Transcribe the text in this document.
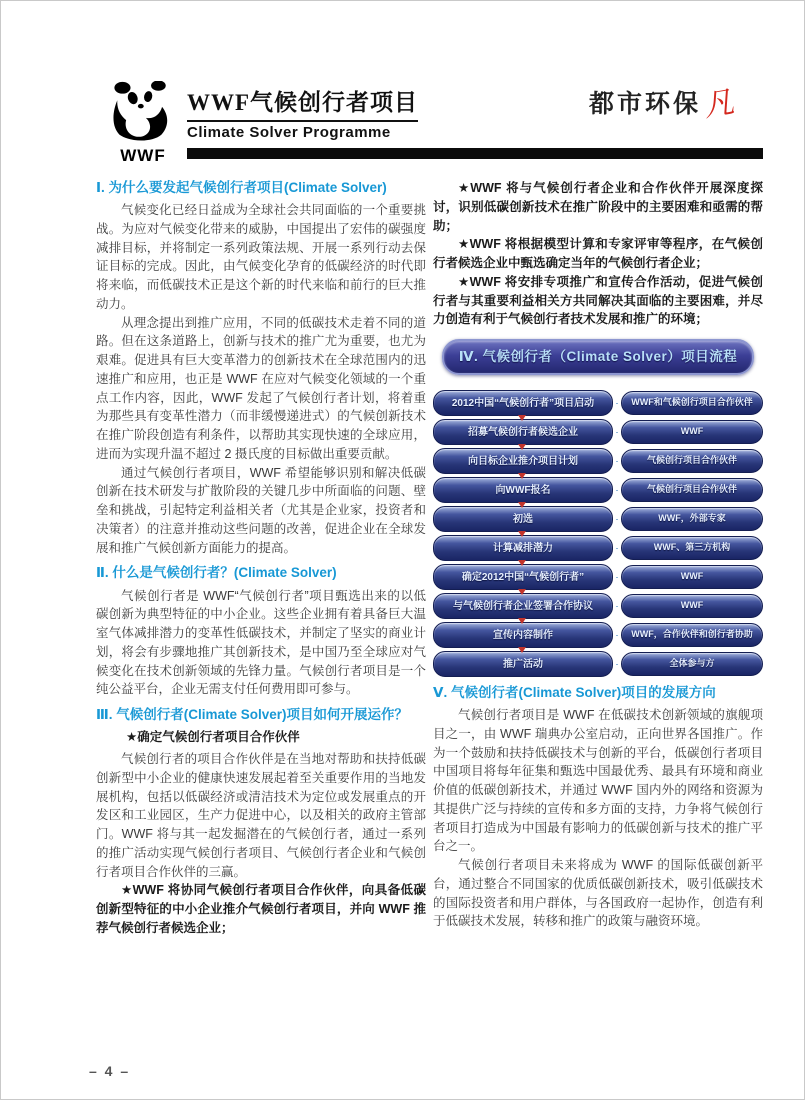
WWF
WWF气候创行者项目
Climate Solver Programme
都市环保凡
Ⅰ. 为什么要发起气候创行者项目(Climate Solver)

气候变化已经日益成为全球社会共同面临的一个重要挑战。为应对气候变化带来的威胁，中国提出了宏伟的碳强度减排目标，并将制定一系列政策法规、开展一系列行动去保证目标的完成。因此，由气候变化孕育的低碳经济的时代即将来临，而低碳技术正是这个新的时代来临和前行的巨大推动力。

从理念提出到推广应用，不同的低碳技术走着不同的道路。但在这条道路上，创新与技术的推广尤为重要，也尤为艰难。促进具有巨大变革潜力的创新技术在全球范围内的迅速推广和应用，也正是 WWF 在应对气候变化领域的一个重点工作内容，因此，WWF 发起了气候创行者计划，将着重为那些具有变革性潜力（而非缓慢递进式）的气候创新技术在推广阶段创造有利条件，以帮助其实现快速的全球应用，进而为实现升温不超过 2 摄氏度的目标做出重要贡献。

通过气候创行者项目，WWF 希望能够识别和解决低碳创新在技术研发与扩散阶段的关键几步中所面临的问题、壁垒和挑战，引起特定利益相关者（尤其是企业家，投资者和决策者）的注意并推动这些问题的改善，促进企业在全球发展和推广气候创新方面能力的提高。

Ⅱ. 什么是气候创行者？(Climate Solver)

气候创行者是 WWF“气候创行者”项目甄选出来的以低碳创新为典型特征的中小企业。这些企业拥有着具备巨大温室气体减排潜力的变革性低碳技术，并制定了坚实的商业计划，将会有步骤地推广其创新技术，是中国乃至全球应对气候变化在技术创新领域的先锋力量。气候创行者项目是一个纯公益平台，企业无需支付任何费用即可参与。

Ⅲ. 气候创行者(Climate Solver)项目如何开展运作？
★确定气候创行者项目合作伙伴

气候创行者的项目合作伙伴是在当地对帮助和扶持低碳创新型中小企业的健康快速发展起着至关重要作用的当地发展机构，包括以低碳经济或清洁技术为定位或发展重点的开发区和工业园区，生产力促进中心，以及相关的政府主管部门。WWF 将与其一起发掘潜在的气候创行者，通过一系列的推广活动实现气候创行者项目、气候创行者企业和气候创行者项目合作伙伴的三赢。

★WWF 将协同气候创行者项目合作伙伴，向具备低碳创新型特征的中小企业推介气候创行者项目，并向 WWF 推荐气候创行者候选企业；

★WWF 将与气候创行者企业和合作伙伴开展深度探讨，识别低碳创新技术在推广阶段中的主要困难和亟需的帮助；

★WWF 将根据模型计算和专家评审等程序，在气候创行者候选企业中甄选确定当年的气候创行者企业；

★WWF 将安排专项推广和宣传合作活动，促进气候创行者与其重要利益相关方共同解决其面临的主要困难，并尽力创造有利于气候创行者技术发展和推广的环境；

Ⅳ. 气候创行者（Climate Solver）项目流程
2012中国“气候创行者”项目启动	WWF和气候创行项目合作伙伴
招募气候创行者候选企业	WWF
向目标企业推介项目计划	气候创行项目合作伙伴
向WWF报名	气候创行项目合作伙伴
初选	WWF，外部专家
计算减排潜力	WWF、第三方机构
确定2012中国“气候创行者”	WWF
与气候创行者企业签署合作协议	WWF
宣传内容制作	WWF，合作伙伴和创行者协助
推广活动	全体参与方
Ⅴ. 气候创行者(Climate Solver)项目的发展方向

气候创行者项目是 WWF 在低碳技术创新领域的旗舰项目之一，由 WWF 瑞典办公室启动，正向世界各国推广。作为一个鼓励和扶持低碳技术与创新的平台，低碳创行者项目中国项目将每年征集和甄选中国最优秀、最具有环境和商业价值的低碳创新技术，并通过 WWF 国内外的网络和资源为其提供广泛与持续的宣传和多方面的支持，力争将气候创行者项目打造成为中国最有影响力的低碳创新与技术的推广平台之一。

气候创行者项目未来将成为 WWF 的国际低碳创新平台，通过整合不同国家的优质低碳创新技术，吸引低碳技术的国际投资者和用户群体，与各国政府一起协作，创造有利于低碳技术发展，转移和推广的政策与融资环境。

– 4 –
